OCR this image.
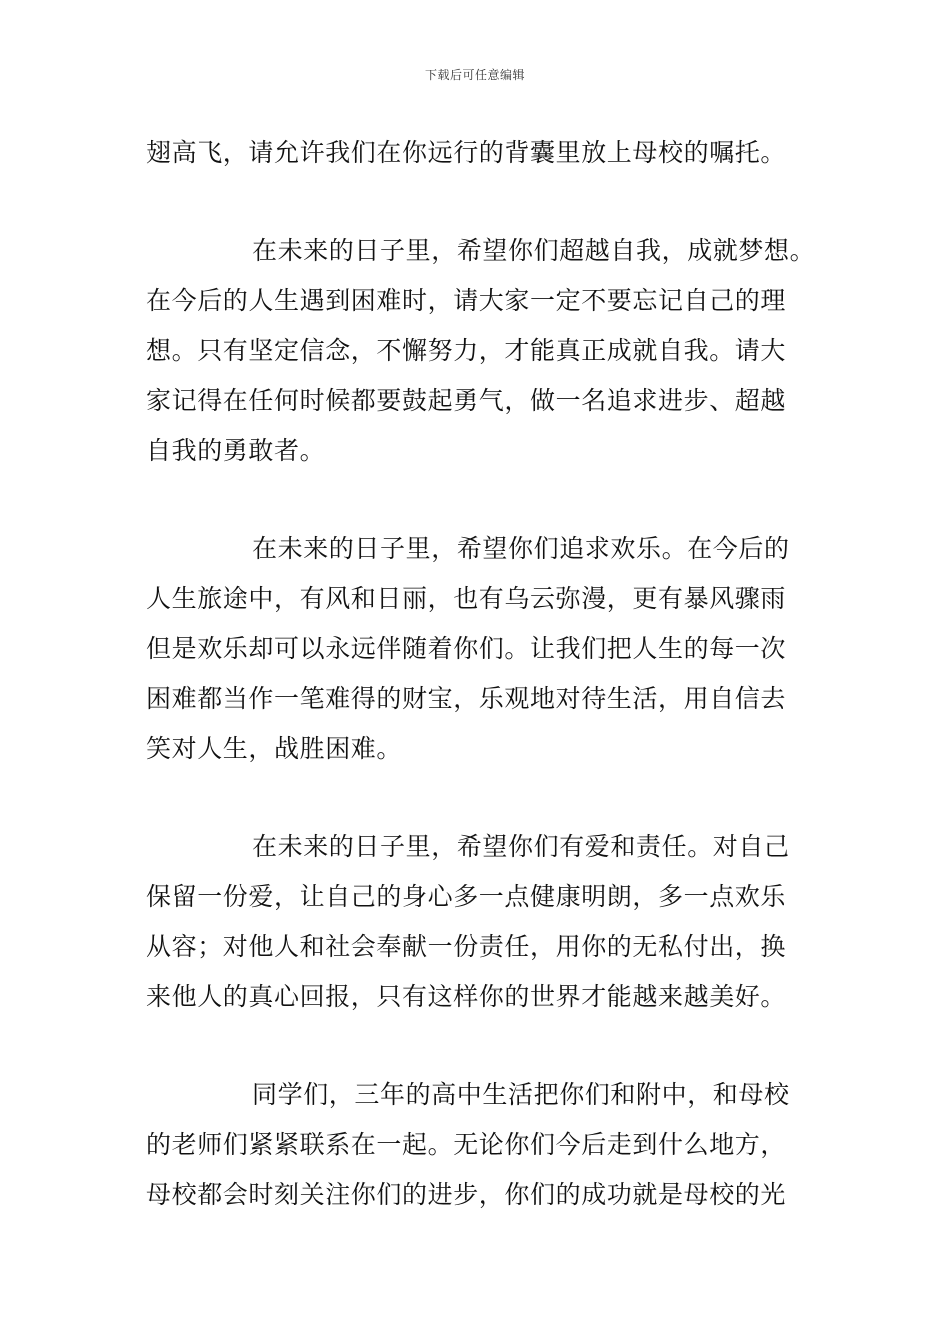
下载后可任意编辑
翅高飞，请允许我们在你远行的背囊里放上母校的嘱托。
在未来的日子里，希望你们超越自我，成就梦想。
在今后的人生遇到困难时，请大家一定不要忘记自己的理
想。只有坚定信念，不懈努力，才能真正成就自我。请大
家记得在任何时候都要鼓起勇气，做一名追求进步、超越
自我的勇敢者。
在未来的日子里，希望你们追求欢乐。在今后的
人生旅途中，有风和日丽，也有乌云弥漫，更有暴风骤雨
但是欢乐却可以永远伴随着你们。让我们把人生的每一次
困难都当作一笔难得的财宝，乐观地对待生活，用自信去
笑对人生，战胜困难。
在未来的日子里，希望你们有爱和责任。对自己
保留一份爱，让自己的身心多一点健康明朗，多一点欢乐
从容；对他人和社会奉献一份责任，用你的无私付出，换
来他人的真心回报，只有这样你的世界才能越来越美好。
同学们，三年的高中生活把你们和附中，和母校
的老师们紧紧联系在一起。无论你们今后走到什么地方，
母校都会时刻关注你们的进步，你们的成功就是母校的光
